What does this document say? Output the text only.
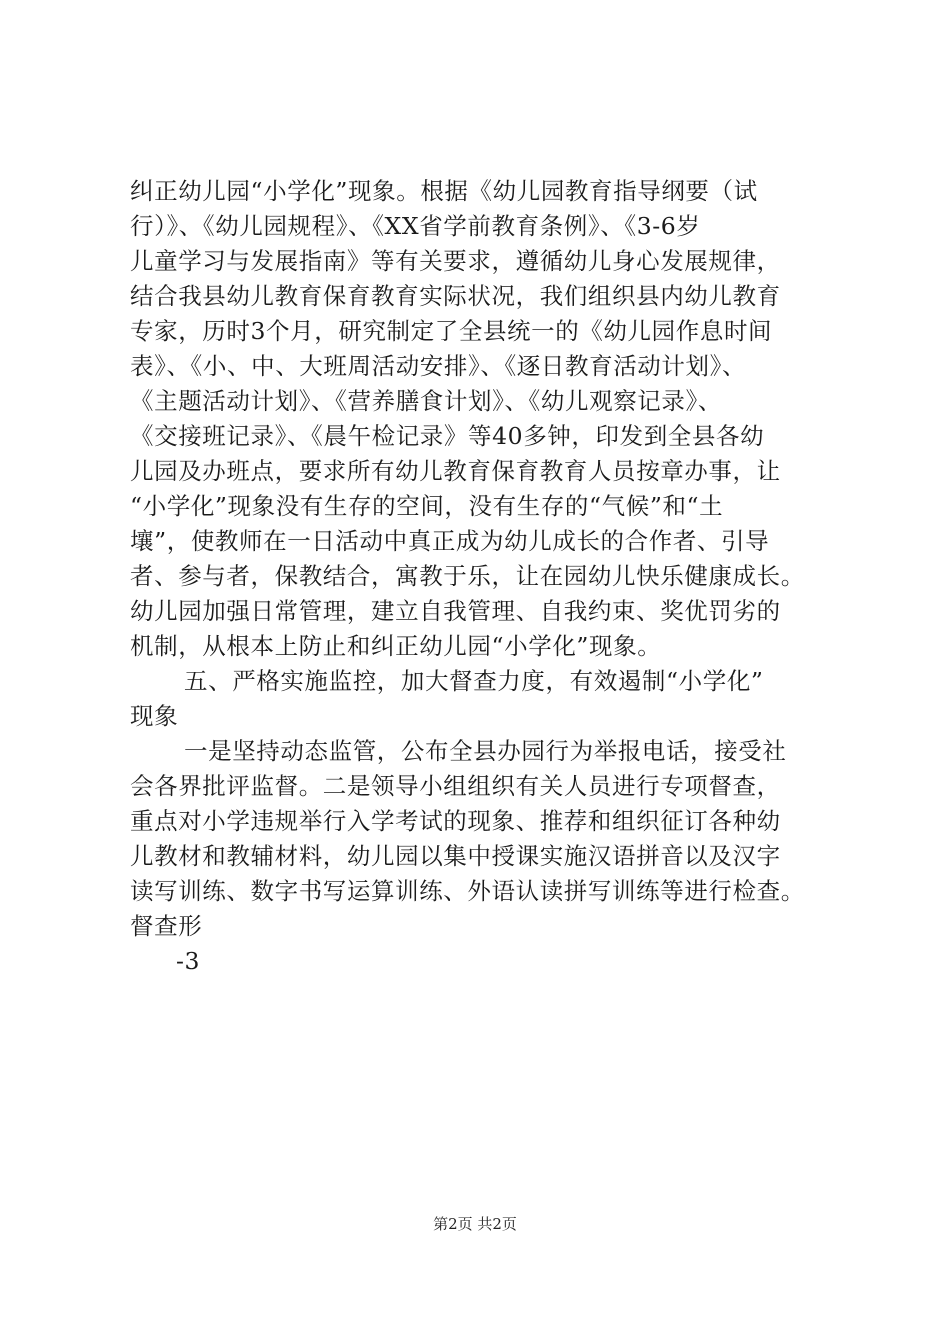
纠正幼儿园“小学化”现象。根据《幼儿园教育指导纲要（试
行）》、《幼儿园规程》、《XX省学前教育条例》、《3-6岁
儿童学习与发展指南》等有关要求，遵循幼儿身心发展规律，
结合我县幼儿教育保育教育实际状况，我们组织县内幼儿教育
专家，历时3个月，研究制定了全县统一的《幼儿园作息时间
表》、《小、中、大班周活动安排》、《逐日教育活动计划》、
《主题活动计划》、《营养膳食计划》、《幼儿观察记录》、
《交接班记录》、《晨午检记录》等40多钟，印发到全县各幼
儿园及办班点，要求所有幼儿教育保育教育人员按章办事，让
“小学化”现象没有生存的空间，没有生存的“气候”和“土
壤”，使教师在一日活动中真正成为幼儿成长的合作者、引导
者、参与者，保教结合，寓教于乐，让在园幼儿快乐健康成长。
幼儿园加强日常管理，建立自我管理、自我约束、奖优罚劣的
机制，从根本上防止和纠正幼儿园“小学化”现象。
五、严格实施监控，加大督查力度，有效遏制“小学化”
现象
一是坚持动态监管，公布全县办园行为举报电话，接受社
会各界批评监督。二是领导小组组织有关人员进行专项督查，
重点对小学违规举行入学考试的现象、推荐和组织征订各种幼
儿教材和教辅材料，幼儿园以集中授课实施汉语拼音以及汉字
读写训练、数字书写运算训练、外语认读拼写训练等进行检查。
督查形
-3
第2页 共2页
